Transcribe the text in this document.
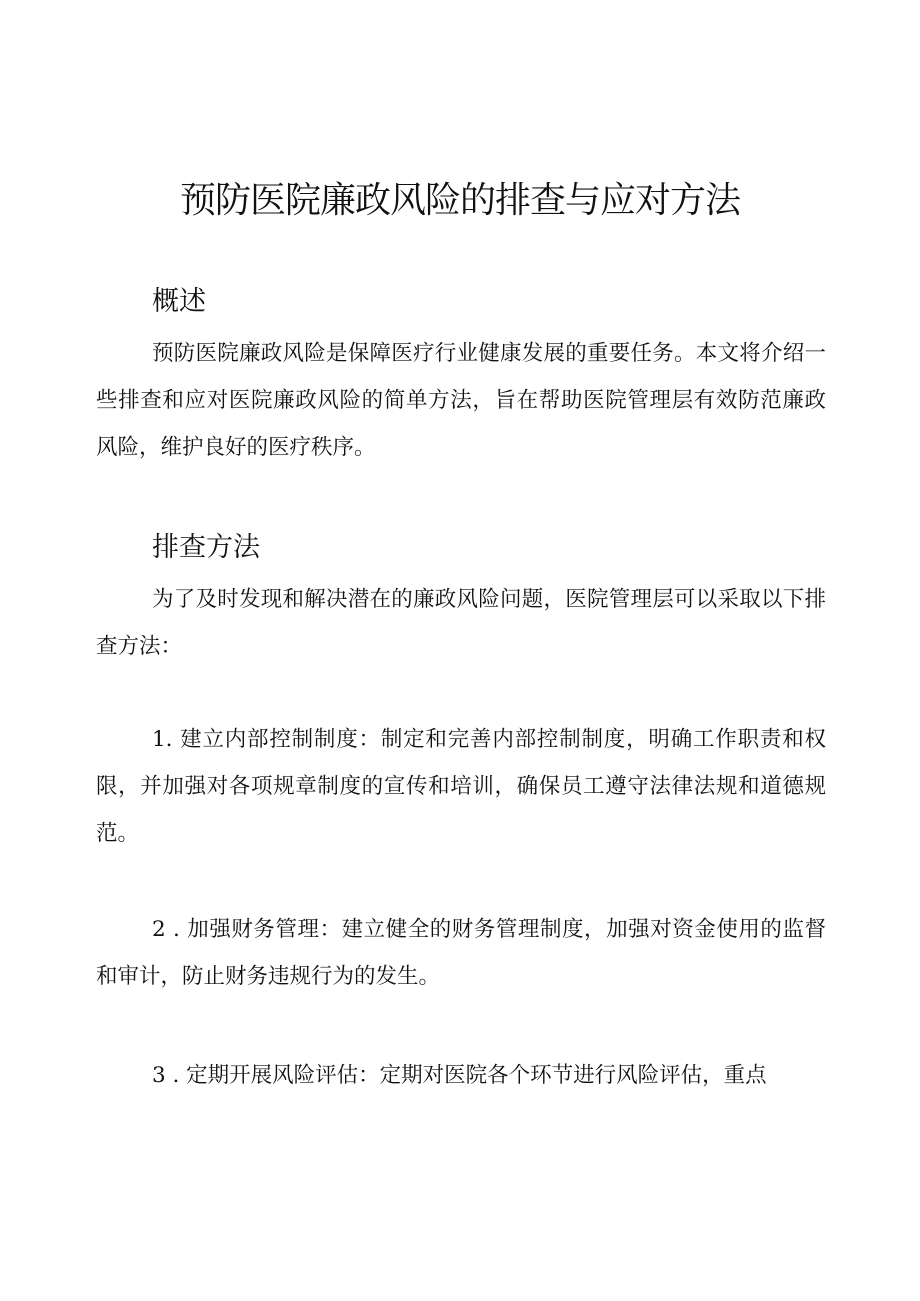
预防医院廉政风险的排查与应对方法
概述

预防医院廉政风险是保障医疗行业健康发展的重要任务。本文将介绍一些排查和应对医院廉政风险的简单方法，旨在帮助医院管理层有效防范廉政风险，维护良好的医疗秩序。

排查方法

为了及时发现和解决潜在的廉政风险问题，医院管理层可以采取以下排查方法：

1. 建立内部控制制度：制定和完善内部控制制度，明确工作职责和权限，并加强对各项规章制度的宣传和培训，确保员工遵守法律法规和道德规范。

2 . 加强财务管理：建立健全的财务管理制度，加强对资金使用的监督和审计，防止财务违规行为的发生。

3 . 定期开展风险评估：定期对医院各个环节进行风险评估，重点
